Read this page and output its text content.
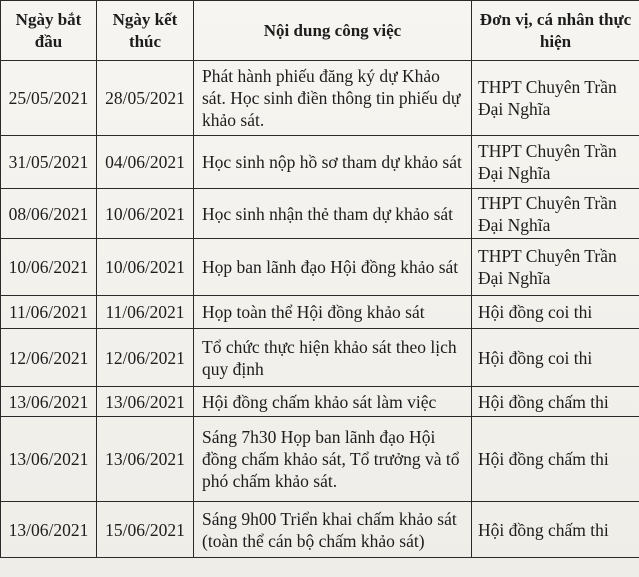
Ngày bắt đầu	Ngày kết thúc	Nội dung công việc	Đơn vị, cá nhân thực hiện
25/05/2021	28/05/2021	Phát hành phiếu đăng ký dự Khảo sát. Học sinh điền thông tin phiếu dự khảo sát.	THPT Chuyên Trần Đại Nghĩa
31/05/2021	04/06/2021	Học sinh nộp hồ sơ tham dự khảo sát	THPT Chuyên Trần Đại Nghĩa
08/06/2021	10/06/2021	Học sinh nhận thẻ tham dự khảo sát	THPT Chuyên Trần Đại Nghĩa
10/06/2021	10/06/2021	Họp ban lãnh đạo Hội đồng khảo sát	THPT Chuyên Trần Đại Nghĩa
11/06/2021	11/06/2021	Họp toàn thể Hội đồng khảo sát	Hội đồng coi thi
12/06/2021	12/06/2021	Tổ chức thực hiện khảo sát theo lịch quy định	Hội đồng coi thi
13/06/2021	13/06/2021	Hội đồng chấm khảo sát làm việc	Hội đồng chấm thi
13/06/2021	13/06/2021	Sáng 7h30 Họp ban lãnh đạo Hội đồng chấm khảo sát, Tổ trưởng và tổ phó chấm khảo sát.	Hội đồng chấm thi
13/06/2021	15/06/2021	Sáng 9h00 Triển khai chấm khảo sát (toàn thể cán bộ chấm khảo sát)	Hội đồng chấm thi
